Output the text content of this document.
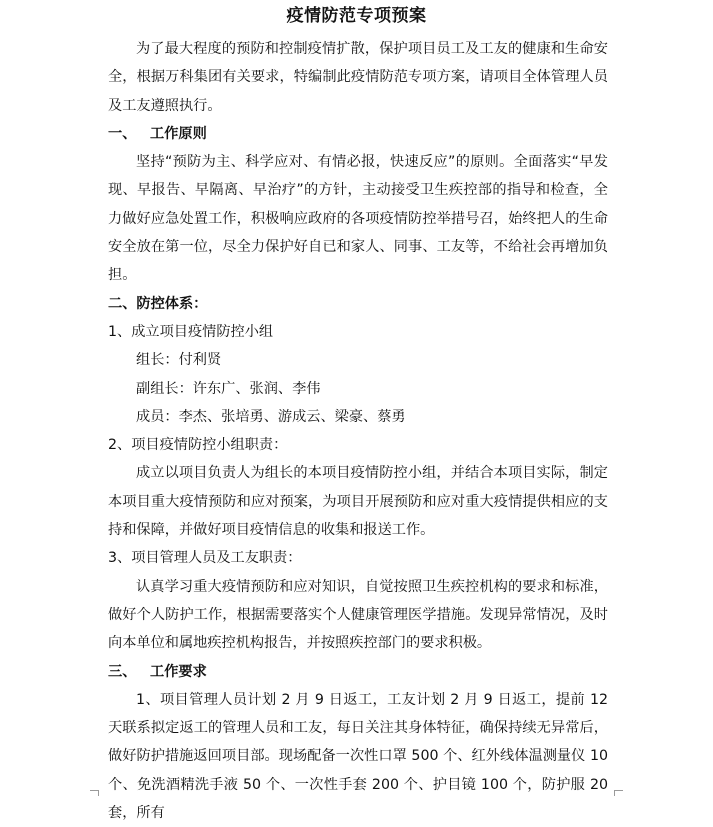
疫情防范专项预案

为了最大程度的预防和控制疫情扩散，保护项目员工及工友的健康和生命安全，根据万科集团有关要求，特编制此疫情防范专项方案，请项目全体管理人员及工友遵照执行。

一、 工作原则

坚持“预防为主、科学应对、有情必报，快速反应”的原则。全面落实“早发现、早报告、早隔离、早治疗”的方针，主动接受卫生疾控部的指导和检查，全力做好应急处置工作，积极响应政府的各项疫情防控举措号召，始终把人的生命安全放在第一位，尽全力保护好自已和家人、同事、工友等，不给社会再增加负担。

二、防控体系：

1、成立项目疫情防控小组

组长：付利贤

副组长：许东广、张润、李伟

成员：李杰、张培勇、游成云、梁豪、蔡勇

2、项目疫情防控小组职责：

成立以项目负责人为组长的本项目疫情防控小组，并结合本项目实际，制定本项目重大疫情预防和应对预案，为项目开展预防和应对重大疫情提供相应的支持和保障，并做好项目疫情信息的收集和报送工作。

3、项目管理人员及工友职责：

认真学习重大疫情预防和应对知识，自觉按照卫生疾控机构的要求和标准，做好个人防护工作，根据需要落实个人健康管理医学措施。发现异常情况，及时向本单位和属地疾控机构报告，并按照疾控部门的要求积极。

三、 工作要求

1、项目管理人员计划 2 月 9 日返工，工友计划 2 月 9 日返工，提前 12 天联系拟定返工的管理人员和工友，每日关注其身体特征，确保持续无异常后，做好防护措施返回项目部。现场配备一次性口罩 500 个、红外线体温测量仪 10 个、免洗酒精洗手液 50 个、一次性手套 200 个、护目镜 100 个，防护服 20 套，所有
